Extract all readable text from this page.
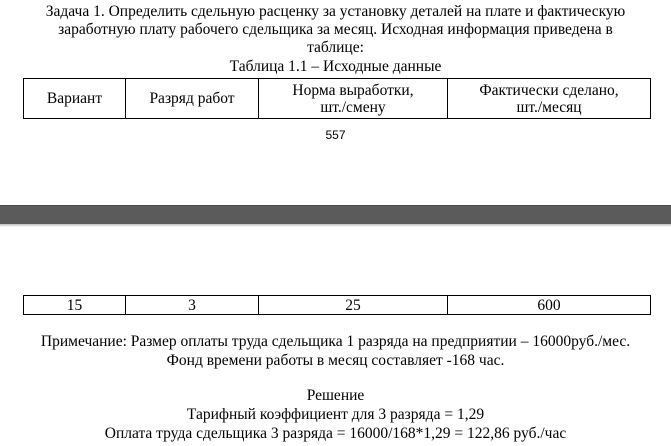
Задача 1. Определить сдельную расценку за установку деталей на плате и фактическую
заработную плату рабочего сдельщика за месяц. Исходная информация приведена в
таблице:
Таблица 1.1 – Исходные данные
Вариант	Разряд работ	Норма выработки, шт./смену	Фактически сделано, шт./месяц
557
15	3	25	600
Примечание: Размер оплаты труда сдельщика 1 разряда на предприятии – 16000руб./мес.
Фонд времени работы в месяц составляет -168 час.
Решение
Тарифный коэффициент для 3 разряда = 1,29
Оплата труда сдельщика 3 разряда = 16000/168*1,29 = 122,86 руб./час
